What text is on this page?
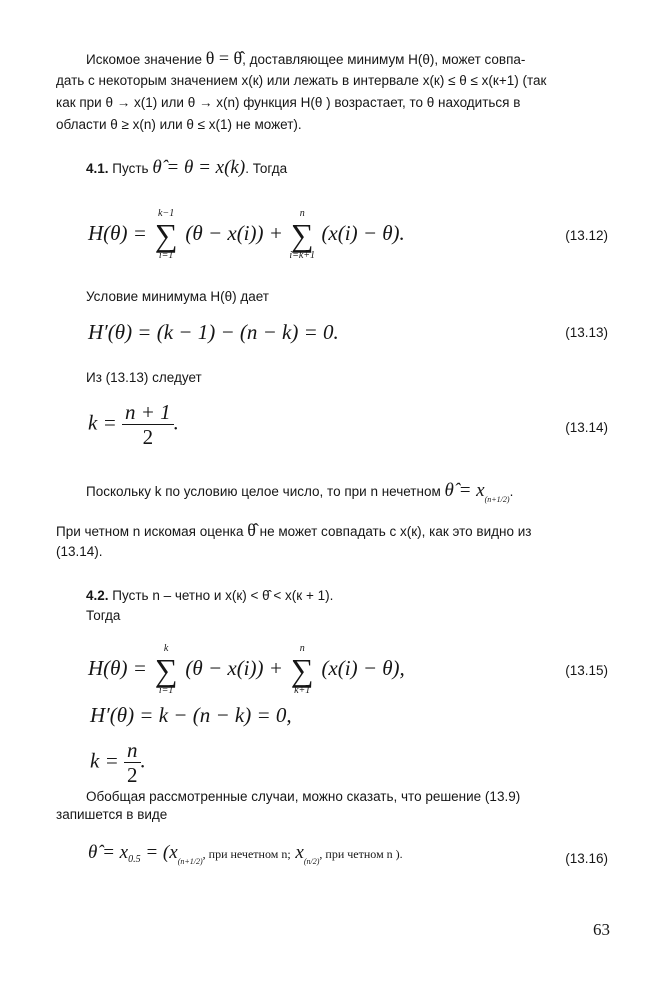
Искомое значение θ = θ̂, доставляющее минимум H(θ), может совпа-
дать с некоторым значением x(к) или лежать в интервале x(к) ≤ θ ≤ x(к+1) (так
как при θ → x(1) или θ → x(n) функция H(θ ) возрастает, то θ находиться в
области θ ≥ x(n) или θ ≤ x(1) не может).
4.1. Пусть θ̂ = θ = x(k). Тогда
H(θ) =
k−1
∑
i=1
(θ − x(i)) +
n
∑
i=k+1
(x(i) − θ).	(13.12)
Условие минимума H(θ) дает
H′(θ) = (k − 1) − (n − k) = 0.	(13.13)
Из (13.13) следует
$k = \frac{n + 1}{2}$ .	(13.14)
Поскольку k по условию целое число, то при n нечетном θ̂ = $x_{(n+1/2)}$.
При четном n искомая оценка θ̂ не может совпадать с x(к), как это видно из
(13.14).
4.2. Пусть n – четно и x(к) < θ̂ < x(к + 1).
Тогда
H(θ) =
k
∑
i=1
(θ − x(i)) +
n
∑
k+1
(x(i) − θ),	(13.15)
H′(θ) = k − (n − k) = 0,
$k = \frac{n}{2}$ .
Обобщая рассмотренные случаи, можно сказать, что решение (13.9)
запишется в виде
θ̂ = $x_{0.5} = (x_{(n+1/2)}$, при нечетном n; $x_{(n/2)}$, при четном n ).	(13.16)
63
